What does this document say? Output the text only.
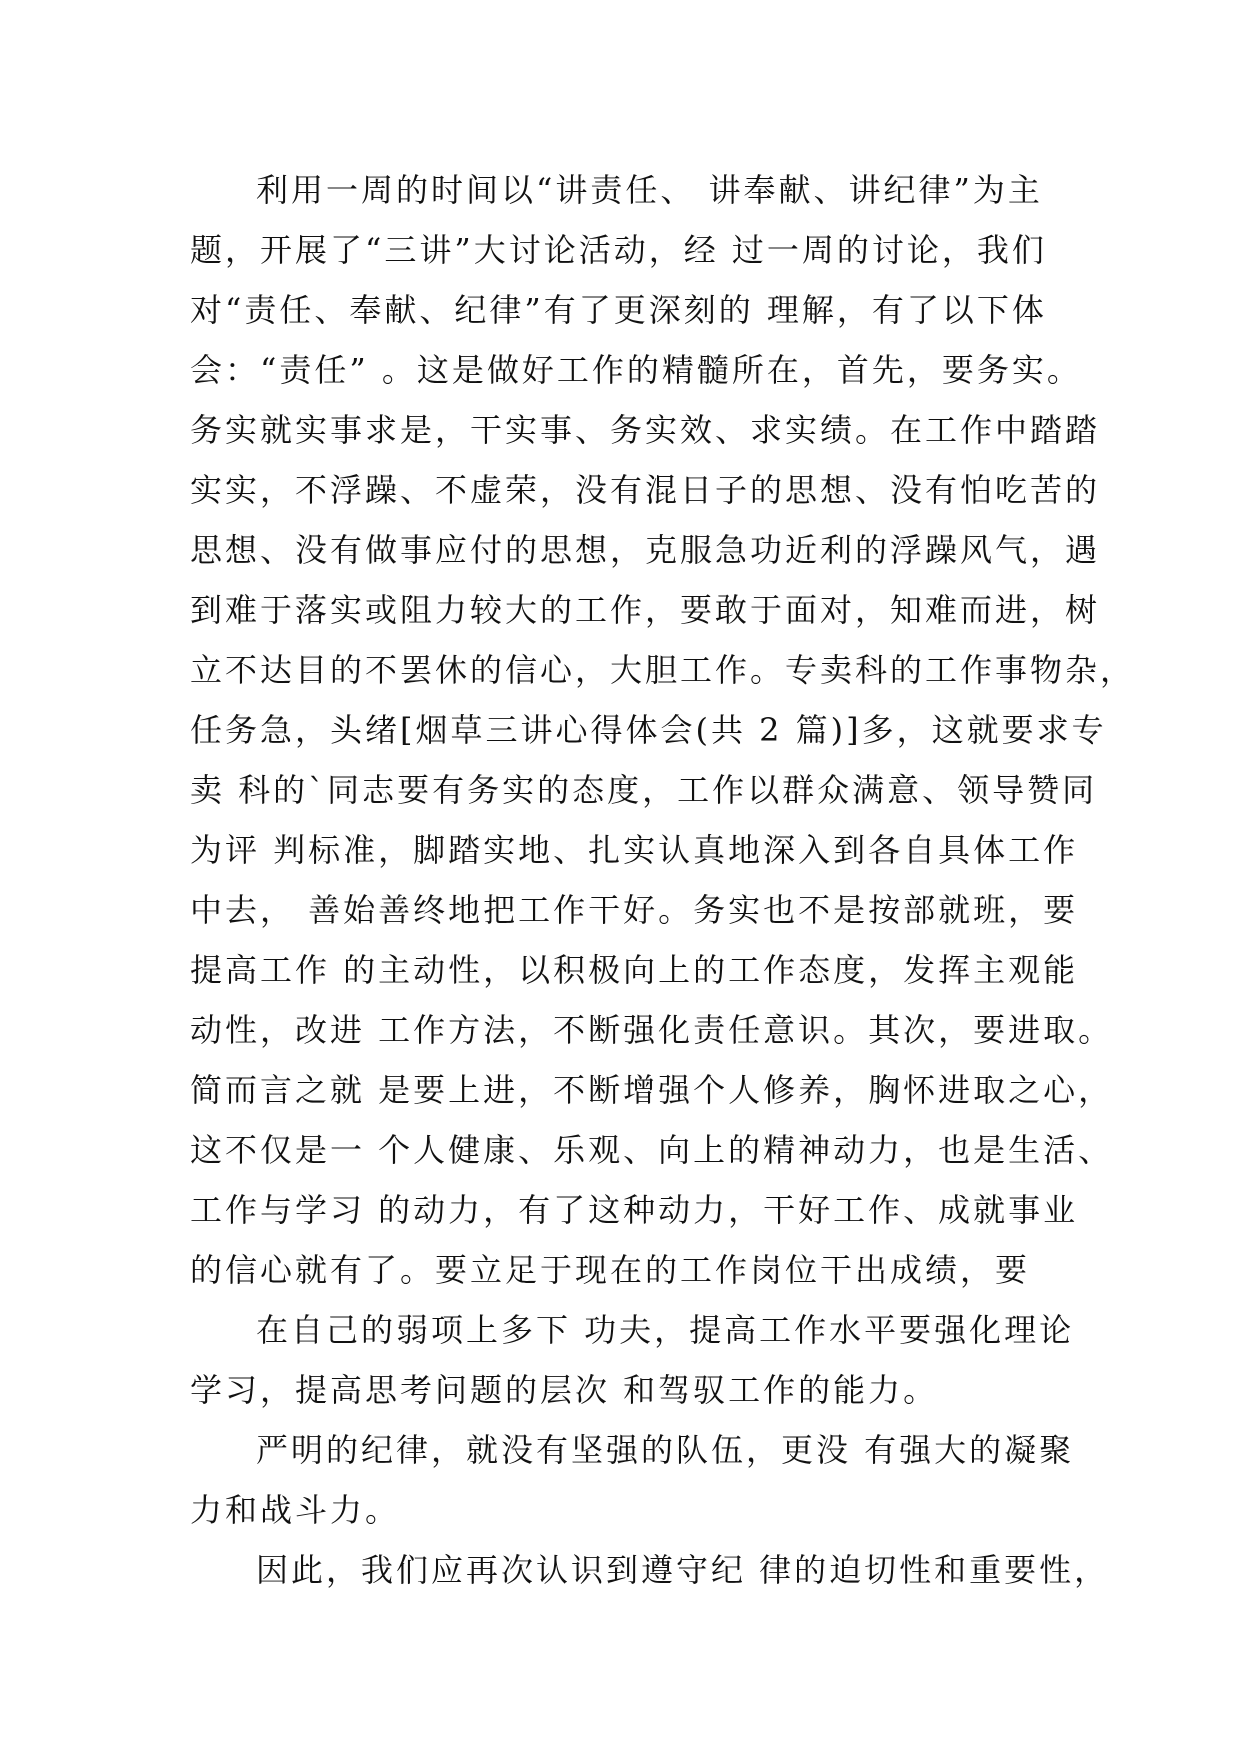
利用一周的时间以“讲责任、 讲奉献、讲纪律”为主
题，开展了“三讲”大讨论活动，经 过一周的讨论，我们
对“责任、奉献、纪律”有了更深刻的 理解，有了以下体
会：“责任” 。这是做好工作的精髓所在，首先，要务实。
务实就实事求是，干实事、务实效、求实绩。在工作中踏踏
实实，不浮躁、不虚荣，没有混日子的思想、没有怕吃苦的
思想、没有做事应付的思想，克服急功近利的浮躁风气，遇
到难于落实或阻力较大的工作，要敢于面对，知难而进，树
立不达目的不罢休的信心，大胆工作。专卖科的工作事物杂，
任务急，头绪[烟草三讲心得体会(共 2 篇)]多，这就要求专
卖 科的`同志要有务实的态度，工作以群众满意、领导赞同
为评 判标准，脚踏实地、扎实认真地深入到各自具体工作
中去， 善始善终地把工作干好。务实也不是按部就班，要
提高工作 的主动性，以积极向上的工作态度，发挥主观能
动性，改进 工作方法，不断强化责任意识。其次，要进取。
简而言之就 是要上进，不断增强个人修养，胸怀进取之心，
这不仅是一 个人健康、乐观、向上的精神动力，也是生活、
工作与学习 的动力，有了这种动力，干好工作、成就事业
的信心就有了。要立足于现在的工作岗位干出成绩，要
在自己的弱项上多下 功夫，提高工作水平要强化理论
学习，提高思考问题的层次 和驾驭工作的能力。
严明的纪律，就没有坚强的队伍，更没 有强大的凝聚
力和战斗力。
因此，我们应再次认识到遵守纪 律的迫切性和重要性，
